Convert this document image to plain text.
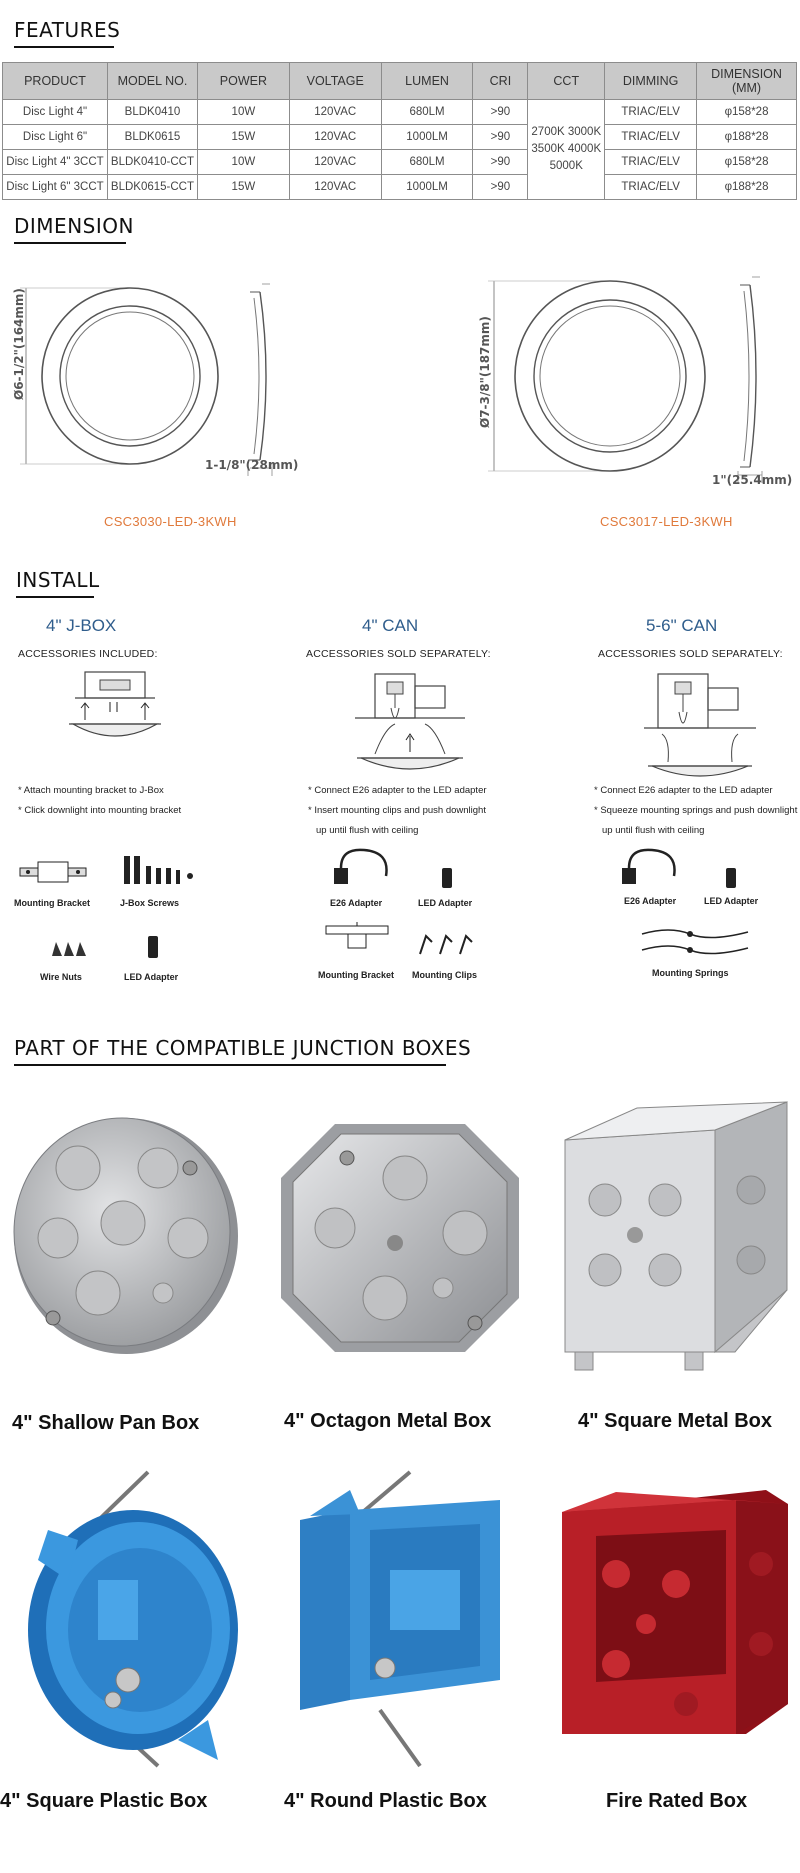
FEATURES
PRODUCT	MODEL NO.	POWER	VOLTAGE	LUMEN	CRI	CCT	DIMMING	DIMENSION
(MM)
Disc Light 4"	BLDK0410	10W	120VAC	680LM	>90	2700K 3000K 3500K 4000K 5000K	TRIAC/ELV	φ158*28
Disc Light 6"	BLDK0615	15W	120VAC	1000LM	>90		TRIAC/ELV	φ188*28
Disc Light 4" 3CCT	BLDK0410-CCT	10W	120VAC	680LM	>90		TRIAC/ELV	φ158*28
Disc Light 6" 3CCT	BLDK0615-CCT	15W	120VAC	1000LM	>90		TRIAC/ELV	φ188*28
DIMENSION
Ø6-1/2"(164mm)
1-1/8"(28mm)
CSC3030-LED-3KWH
Ø7-3/8"(187mm)
1"(25.4mm)
CSC3017-LED-3KWH
INSTALL
4" J-BOX
ACCESSORIES INCLUDED:
* Attach mounting bracket to J-Box
* Click downlight into mounting bracket
Mounting Bracket	J-Box Screws
Wire Nuts	LED Adapter
4" CAN
ACCESSORIES SOLD SEPARATELY:
* Connect E26 adapter to the LED adapter
* Insert mounting clips and push downlight
up until flush with ceiling
E26 Adapter	LED Adapter
Mounting Bracket	Mounting Clips
5-6" CAN
ACCESSORIES SOLD SEPARATELY:
* Connect E26 adapter to the LED adapter
* Squeeze mounting springs and push downlight
up until flush with ceiling
E26 Adapter	LED Adapter
Mounting Springs
PART OF THE COMPATIBLE JUNCTION BOXES
4" Shallow Pan Box	4" Octagon Metal Box	4" Square Metal Box
4" Square Plastic Box	4" Round Plastic Box	Fire Rated Box
